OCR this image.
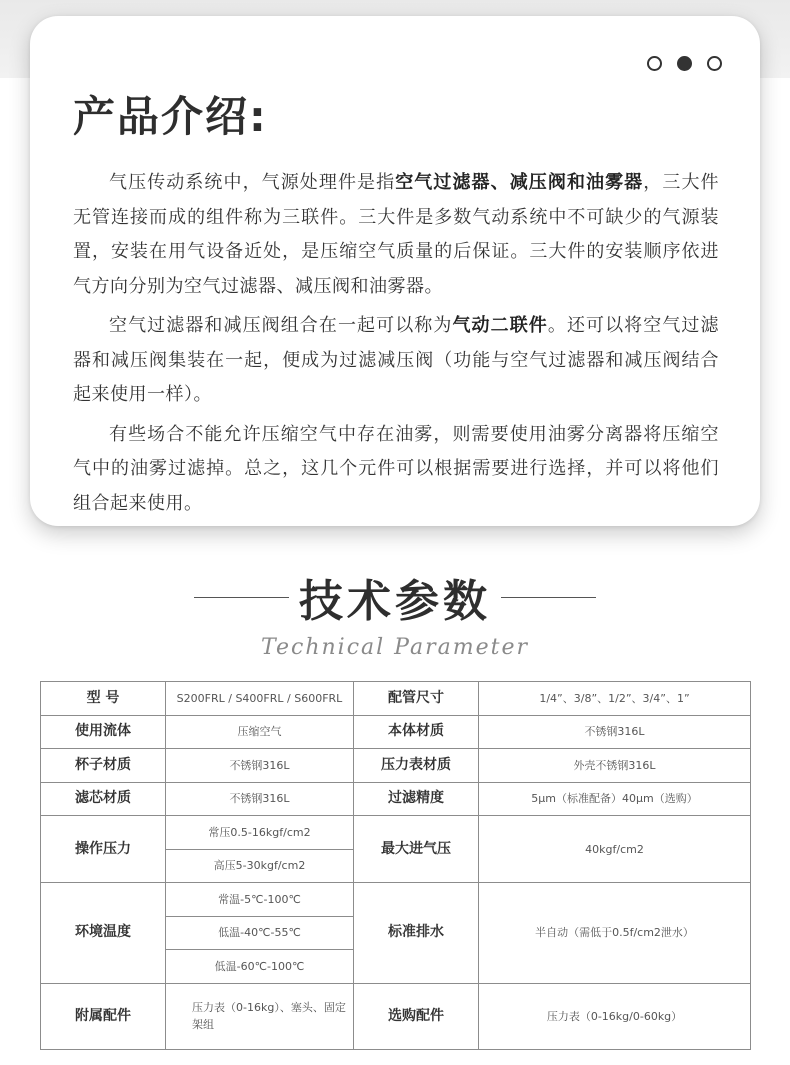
产品介绍:

气压传动系统中，气源处理件是指空气过滤器、减压阀和油雾器，三大件无管连接而成的组件称为三联件。三大件是多数气动系统中不可缺少的气源装置，安装在用气设备近处，是压缩空气质量的后保证。三大件的安装顺序依进气方向分别为空气过滤器、减压阀和油雾器。

空气过滤器和减压阀组合在一起可以称为气动二联件。还可以将空气过滤器和减压阀集装在一起，便成为过滤减压阀（功能与空气过滤器和减压阀结合起来使用一样）。

有些场合不能允许压缩空气中存在油雾，则需要使用油雾分离器将压缩空气中的油雾过滤掉。总之，这几个元件可以根据需要进行选择，并可以将他们组合起来使用。

技术参数
Technical Parameter
型 号	S200FRL / S400FRL / S600FRL	配管尺寸	1/4”、3/8”、1/2”、3/4”、1”
使用流体	压缩空气	本体材质	不锈钢316L
杯子材质	不锈钢316L	压力表材质	外壳不锈钢316L
滤芯材质	不锈钢316L	过滤精度	5μm（标准配备）40μm（选购）
操作压力	常压0.5-16kgf/cm2	最大进气压	40kgf/cm2
	高压5-30kgf/cm2		
环境温度	常温-5℃-100℃	标准排水	半自动（需低于0.5f/cm2泄水）
	低温-40℃-55℃		
	低温-60℃-100℃		
附属配件	压力表（0-16kg）、塞头、固定架组	选购配件	压力表（0-16kg/0-60kg）
